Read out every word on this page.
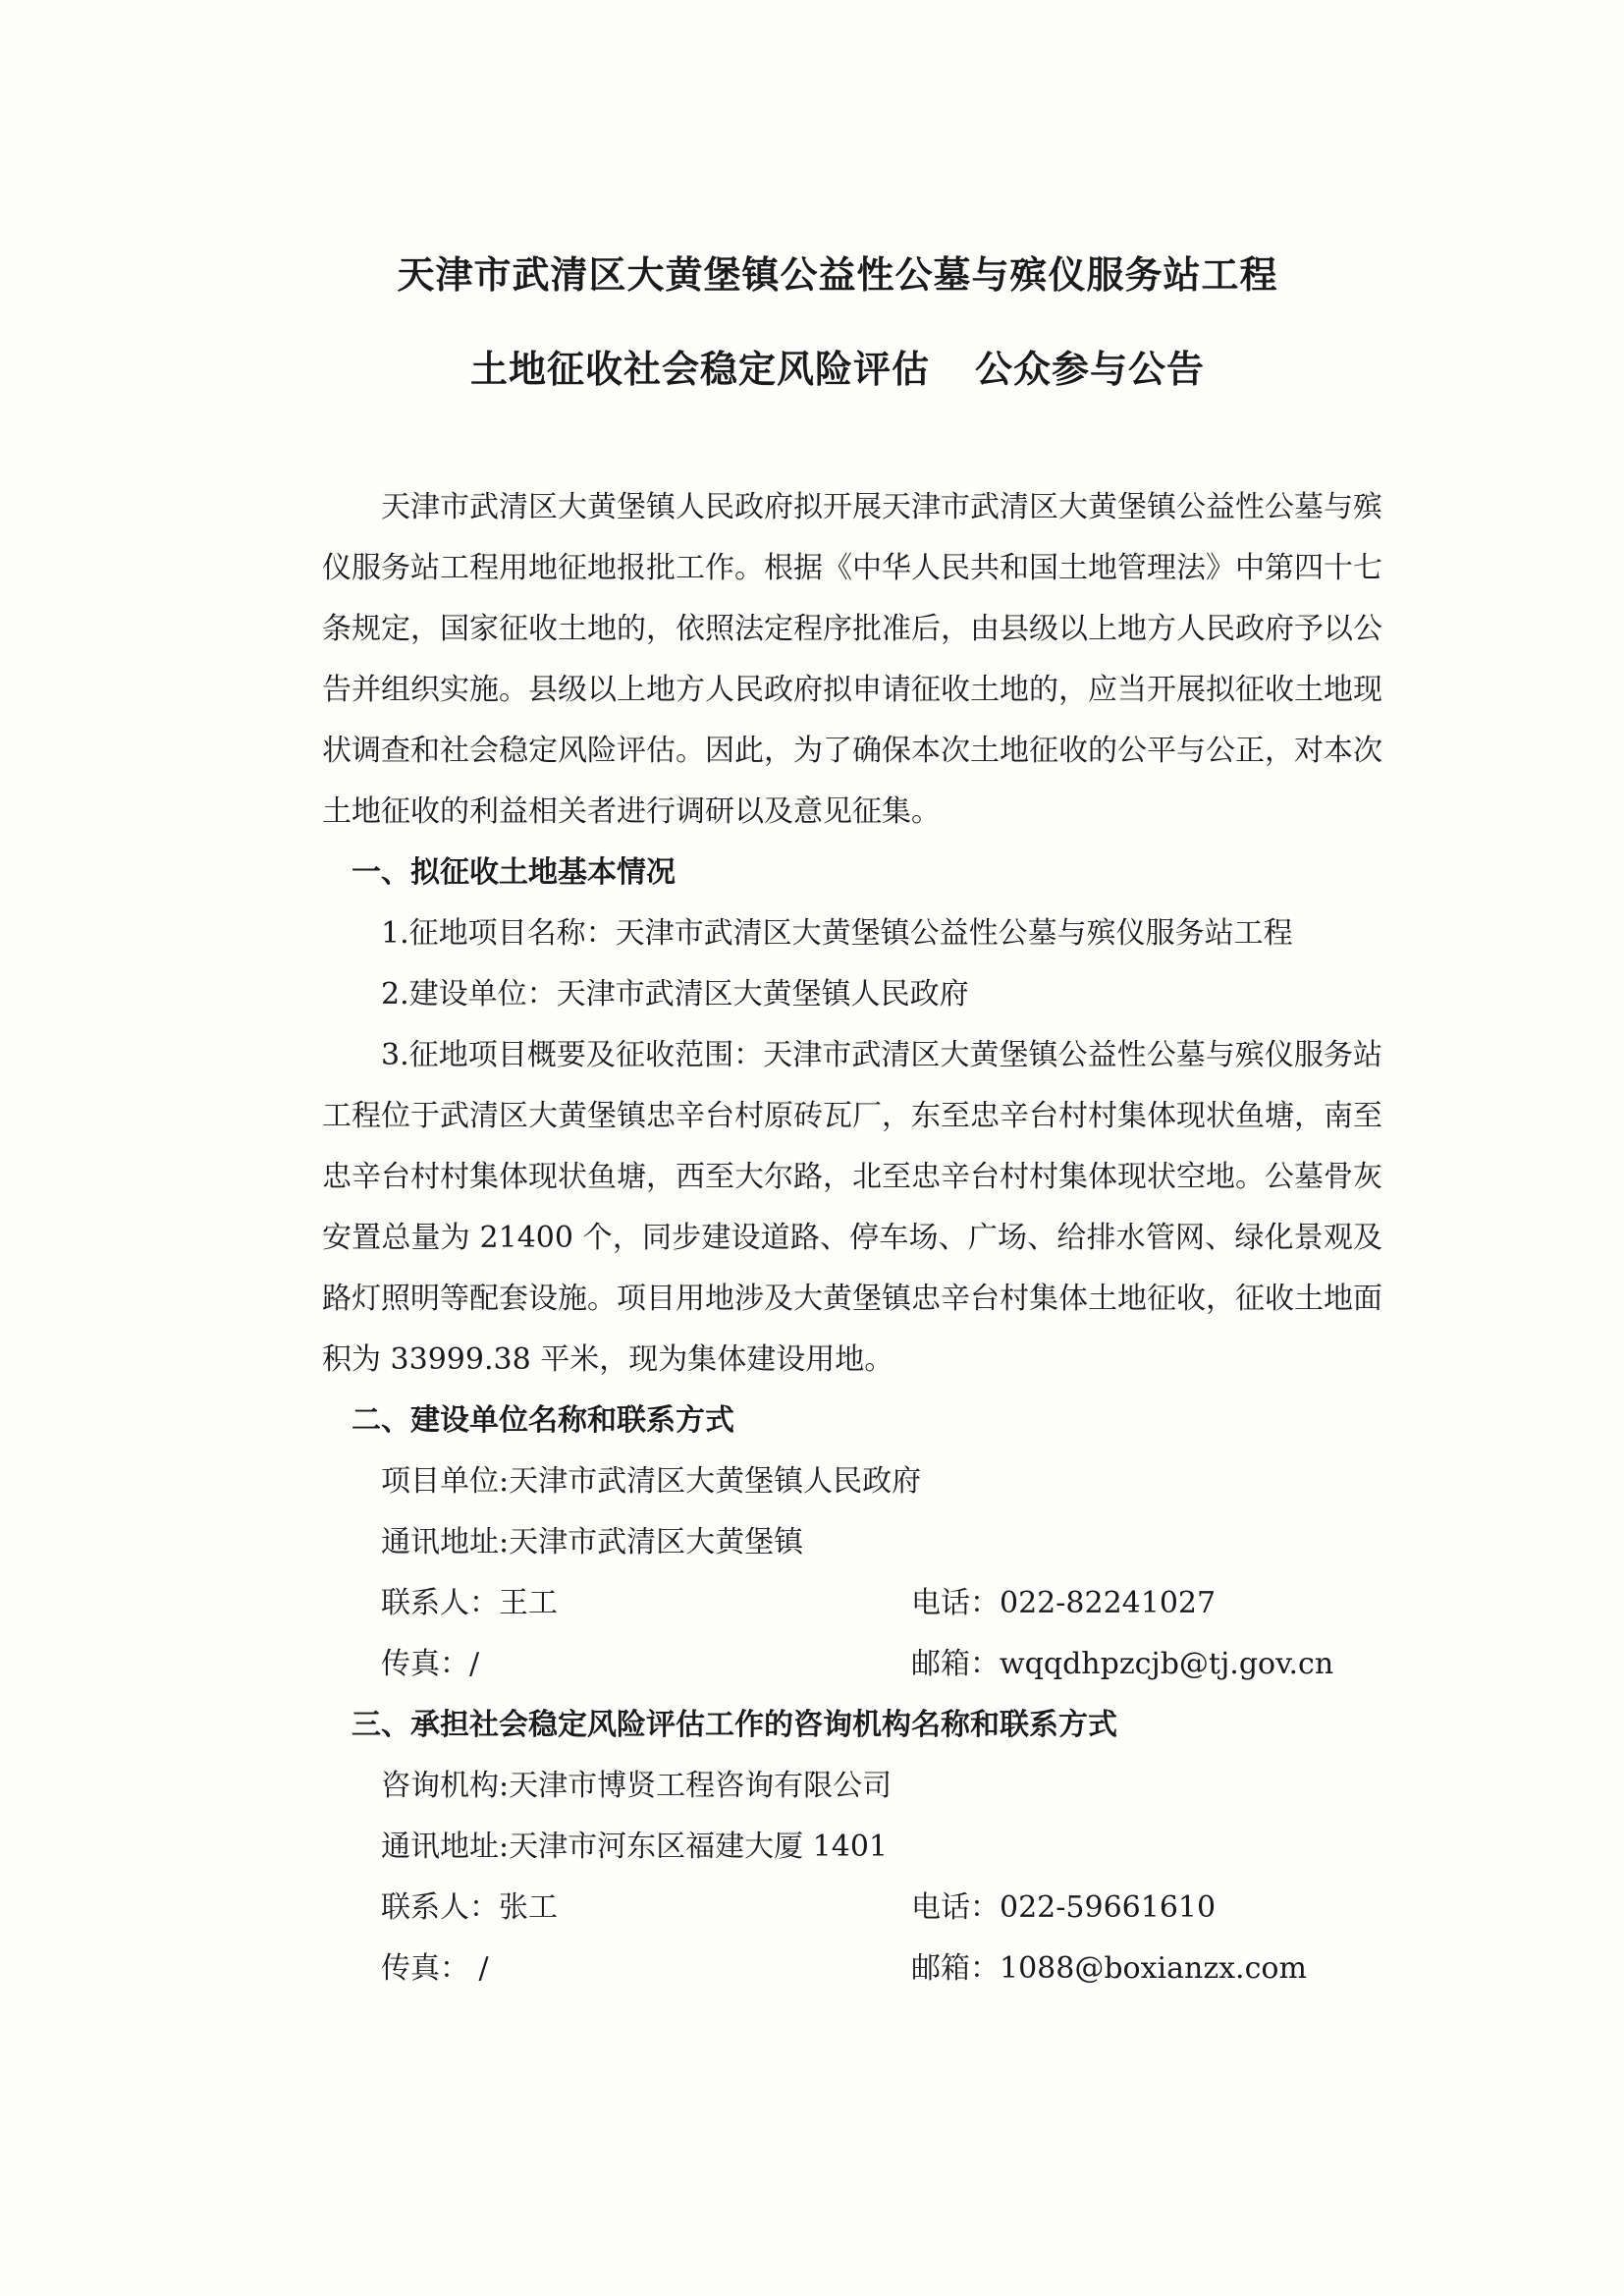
天津市武清区大黄堡镇公益性公墓与殡仪服务站工程
土地征收社会稳定风险评估 公众参与公告

天津市武清区大黄堡镇人民政府拟开展天津市武清区大黄堡镇公益性公墓与殡仪服务站工程用地征地报批工作。根据《中华人民共和国土地管理法》中第四十七条规定，国家征收土地的，依照法定程序批准后，由县级以上地方人民政府予以公告并组织实施。县级以上地方人民政府拟申请征收土地的，应当开展拟征收土地现状调查和社会稳定风险评估。因此，为了确保本次土地征收的公平与公正，对本次土地征收的利益相关者进行调研以及意见征集。

一、拟征收土地基本情况

1.征地项目名称：天津市武清区大黄堡镇公益性公墓与殡仪服务站工程

2.建设单位：天津市武清区大黄堡镇人民政府

3.征地项目概要及征收范围：天津市武清区大黄堡镇公益性公墓与殡仪服务站工程位于武清区大黄堡镇忠辛台村原砖瓦厂，东至忠辛台村村集体现状鱼塘，南至忠辛台村村集体现状鱼塘，西至大尔路，北至忠辛台村村集体现状空地。公墓骨灰安置总量为 21400 个，同步建设道路、停车场、广场、给排水管网、绿化景观及路灯照明等配套设施。项目用地涉及大黄堡镇忠辛台村集体土地征收，征收土地面积为 33999.38 平米，现为集体建设用地。

二、建设单位名称和联系方式

项目单位:天津市武清区大黄堡镇人民政府

通讯地址:天津市武清区大黄堡镇

联系人：王工	电话：022-82241027
传真：/	邮箱：wqqdhpzcjb@tj.gov.cn

三、承担社会稳定风险评估工作的咨询机构名称和联系方式

咨询机构:天津市博贤工程咨询有限公司

通讯地址:天津市河东区福建大厦 1401

联系人：张工	电话：022-59661610
传真： /	邮箱：1088@boxianzx.com
